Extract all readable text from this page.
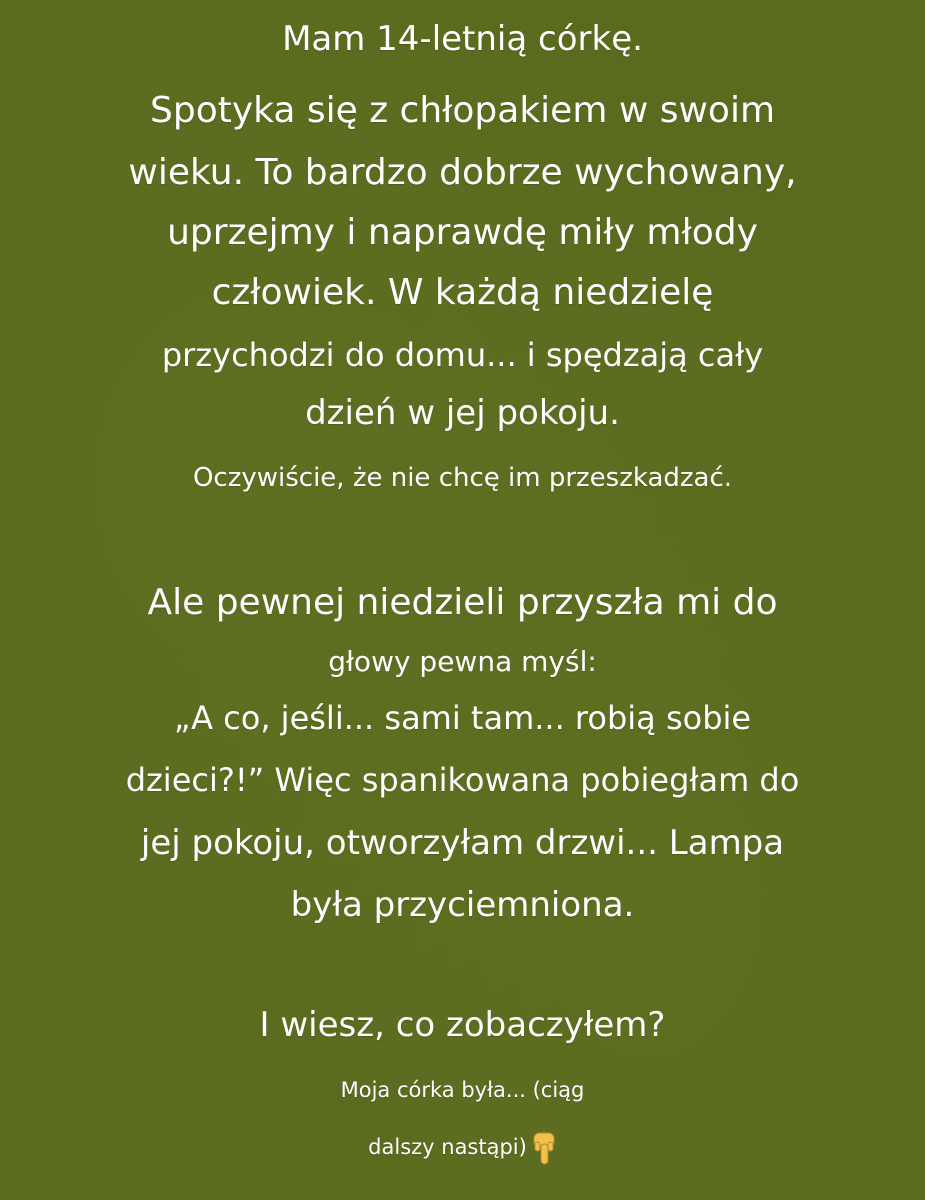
Mam 14-letnią córkę.
Spotyka się z chłopakiem w swoim
wieku. To bardzo dobrze wychowany,
uprzejmy i naprawdę miły młody
człowiek. W każdą niedzielę
przychodzi do domu... i spędzają cały
dzień w jej pokoju.
Oczywiście, że nie chcę im przeszkadzać.
Ale pewnej niedzieli przyszła mi do
głowy pewna myśl:
„A co, jeśli... sami tam... robią sobie
dzieci?!” Więc spanikowana pobiegłam do
jej pokoju, otworzyłam drzwi... Lampa
była przyciemniona.
I wiesz, co zobaczyłem?
Moja córka była... (ciąg
dalszy nastąpi)
